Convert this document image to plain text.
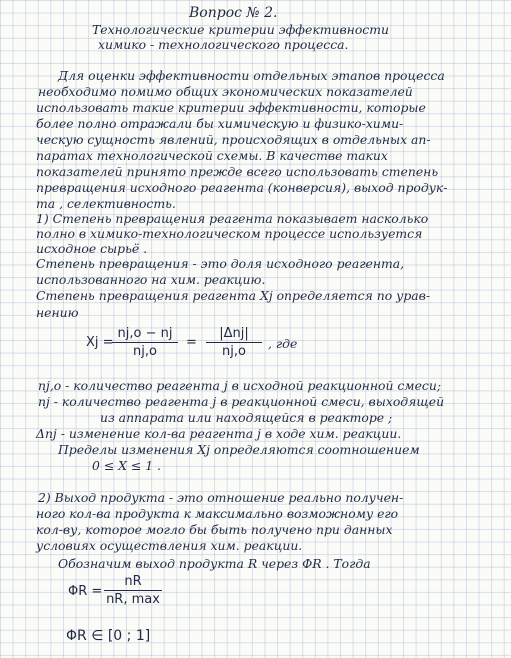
Вопрос № 2.
Технологические критерии эффективности
химико - технологического процесса.
Для оценки эффективности отдельных этапов процесса
необходимо помимо общих экономических показателей
использовать такие критерии эффективности, которые
более полно отражали бы химическую и физико-хими-
ческую сущность явлений, происходящих в отдельных ап-
паратах технологической схемы. В качестве таких
показателей принято прежде всего использовать степень
превращения исходного реагента (конверсия), выход продук-
та , селективность.
1) Степень превращения реагента показывает насколько
полно в химико-технологическом процессе используется
исходное сырьё .
Степень превращения - это доля исходного реагента,
использованного на хим. реакцию.
Степень превращения реагента Xj определяется по урав-
нению
Xj =
nj,o − nj
nj,o
=
|Δnj|
nj,o
, где
nj,o - количество реагента j в исходной реакционной смеси;
nj - количество реагента j в реакционной смеси, выходящей
из аппарата или находящейся в реакторе ;
Δnj - изменение кол-ва реагента j в ходе хим. реакции.
Пределы изменения Xj определяются соотношением
0 ≤ X ≤ 1 .
2) Выход продукта - это отношение реально получен-
ного кол-ва продукта к максимально возможному его
кол-ву, которое могло бы быть получено при данных
условиях осуществления хим. реакции.
Обозначим выход продукта R через ΦR . Тогда
ΦR =
nR
nR, max
ΦR ∈ [0 ; 1]
